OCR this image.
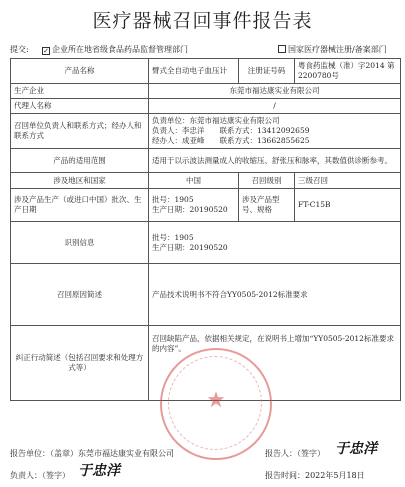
医疗器械召回事件报告表
提交: ✓ 企业所在地省级食品药品监督管理部门	国家医疗器械注册/备案部门
产品名称	臂式全自动电子血压计	注册证号码	粤食药监械（准）字2014 第2200780号
生产企业	东莞市福达康实业有限公司		
代理人名称	/		
召回单位负责人和联系方式；经办人和联系方式	负责单位：东莞市福达康实业有限公司
负责人：李忠洋　　联系方式：13412092659
经办人：成亚峰　　联系方式：13662855625		

产品的适用范围	适用于以示波法测量成人的收缩压、舒张压和脉率，其数值供诊断参考。		
涉及地区和国家	中国	召回级别	三级召回
涉及产品生产（或进口中国）批次、生产日期	批号：1905
生产日期：20190520	涉及产品型号、规格	FT-C15B
识别信息	批号：1905
生产日期：20190520		

召回原因简述	产品技术说明书不符合YY0505-2012标准要求		
纠正行动简述（包括召回要求和处理方式等）	召回缺陷产品，依据相关规定，在说明书上增加“YY0505-2012标准要求的内容”。		
★
报告单位：（盖章）东莞市福达康实业有限公司	报告人：（签字） 于忠洋
负责人：（签字） 于忠洋	报告时间：2022年5月18日
